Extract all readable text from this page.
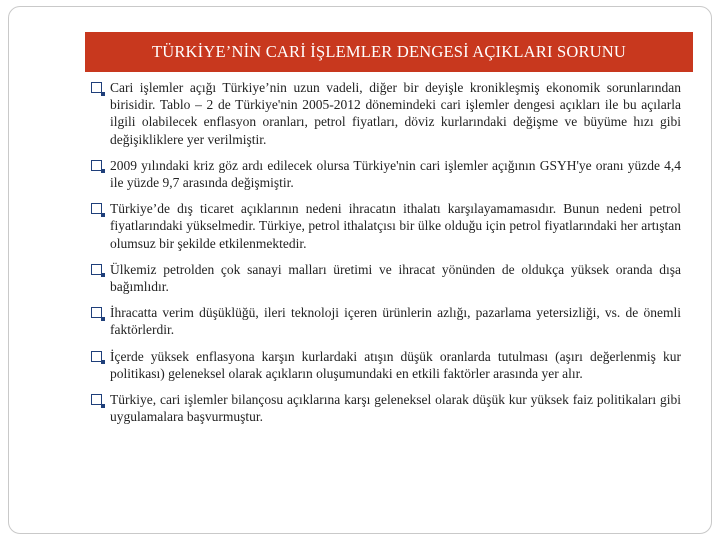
TÜRKİYE’NİN CARİ İŞLEMLER DENGESİ AÇIKLARI SORUNU
Cari işlemler açığı Türkiye’nin uzun vadeli, diğer bir deyişle kronikleşmiş ekonomik sorunlarından birisidir. Tablo – 2 de Türkiye'nin 2005-2012 dönemindeki cari işlemler dengesi açıkları ile bu açılarla ilgili olabilecek enflasyon oranları, petrol fiyatları, döviz kurlarındaki değişme ve büyüme hızı gibi değişikliklere yer verilmiştir.
2009 yılındaki kriz göz ardı edilecek olursa Türkiye'nin cari işlemler açığının GSYH'ye oranı yüzde 4,4 ile yüzde 9,7 arasında değişmiştir.
Türkiye’de dış ticaret açıklarının nedeni ihracatın ithalatı karşılayamamasıdır. Bunun nedeni petrol fiyatlarındaki yükselmedir. Türkiye, petrol ithalatçısı bir ülke olduğu için petrol fiyatlarındaki her artıştan olumsuz bir şekilde etkilenmektedir.
Ülkemiz petrolden çok sanayi malları üretimi ve ihracat yönünden de oldukça yüksek oranda dışa bağımlıdır.
İhracatta verim düşüklüğü, ileri teknoloji içeren ürünlerin azlığı, pazarlama yetersizliği, vs. de önemli faktörlerdir.
İçerde yüksek enflasyona karşın kurlardaki atışın düşük oranlarda tutulması (aşırı değerlenmiş kur politikası) geleneksel olarak açıkların oluşumundaki en etkili faktörler arasında yer alır.
Türkiye, cari işlemler bilançosu açıklarına karşı geleneksel olarak düşük kur yüksek faiz politikaları gibi uygulamalara başvurmuştur.
